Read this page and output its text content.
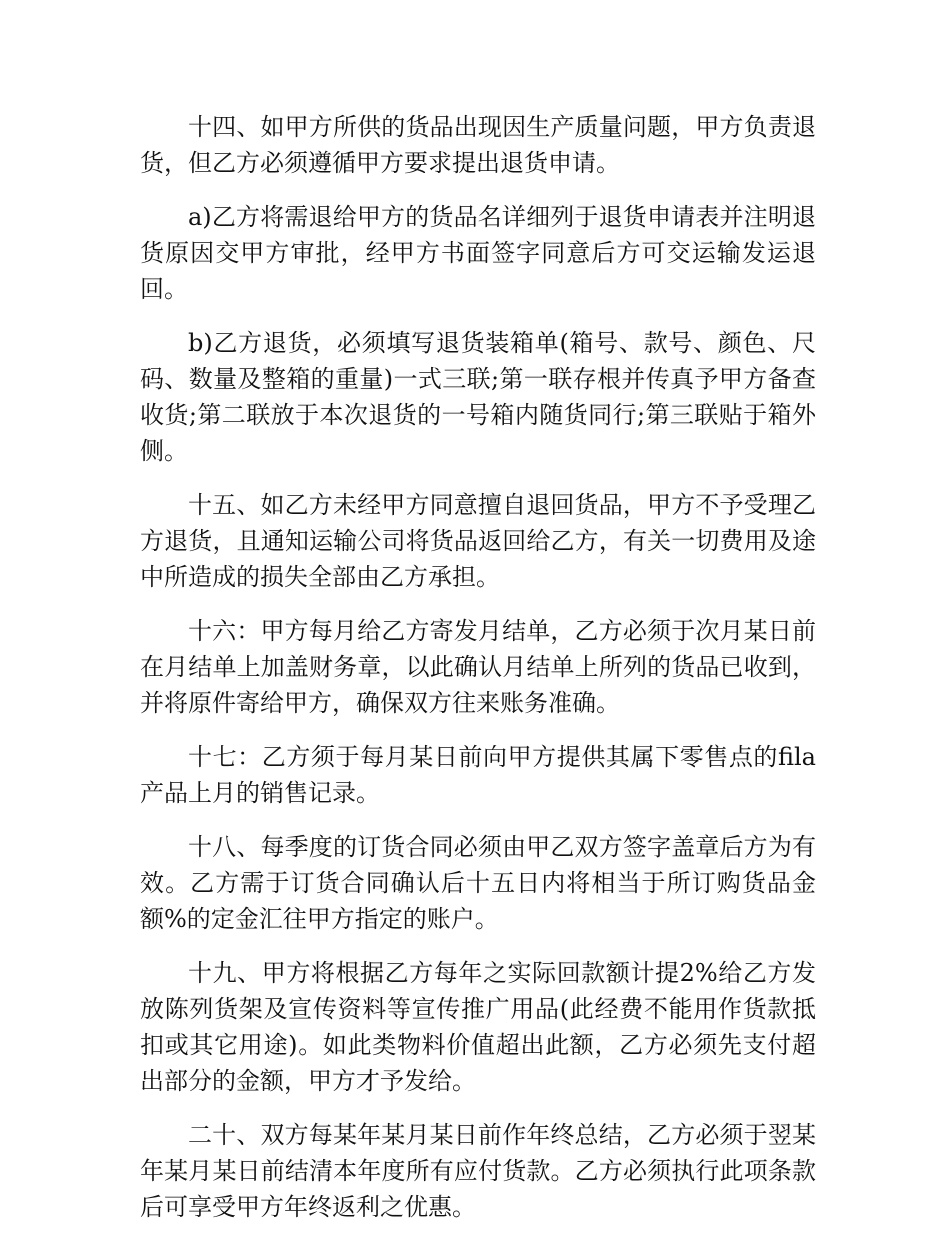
十四、如甲方所供的货品出现因生产质量问题，甲方负责退货，但乙方必须遵循甲方要求提出退货申请。

a)乙方将需退给甲方的货品名详细列于退货申请表并注明退货原因交甲方审批，经甲方书面签字同意后方可交运输发运退回。

b)乙方退货，必须填写退货装箱单(箱号、款号、颜色、尺码、数量及整箱的重量)一式三联;第一联存根并传真予甲方备查收货;第二联放于本次退货的一号箱内随货同行;第三联贴于箱外侧。

十五、如乙方未经甲方同意擅自退回货品，甲方不予受理乙方退货，且通知运输公司将货品返回给乙方，有关一切费用及途中所造成的损失全部由乙方承担。

十六：甲方每月给乙方寄发月结单，乙方必须于次月某日前在月结单上加盖财务章，以此确认月结单上所列的货品已收到，并将原件寄给甲方，确保双方往来账务准确。

十七：乙方须于每月某日前向甲方提供其属下零售点的fila产品上月的销售记录。

十八、每季度的订货合同必须由甲乙双方签字盖章后方为有效。乙方需于订货合同确认后十五日内将相当于所订购货品金额%的定金汇往甲方指定的账户。

十九、甲方将根据乙方每年之实际回款额计提2%给乙方发放陈列货架及宣传资料等宣传推广用品(此经费不能用作货款抵扣或其它用途)。如此类物料价值超出此额，乙方必须先支付超出部分的金额，甲方才予发给。

二十、双方每某年某月某日前作年终总结，乙方必须于翌某年某月某日前结清本年度所有应付货款。乙方必须执行此项条款后可享受甲方年终返利之优惠。
